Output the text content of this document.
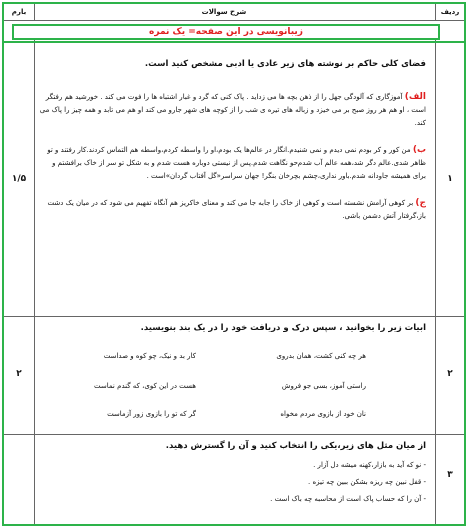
بارم	شرح سوالات	ردیف
زیبانویسی در این صفحه= یک نمره
۱
۱/۵
فضای کلی حاکم بر نوشته های زیر عادی یا ادبی مشخص کنید است.
الف) آموزگاری که آلودگی جهل را از ذهن بچه ها می زداید . پاک کنی که گرد و غبار اشتباه ها را فوت می کند . خورشید هم رفتگر است ، او هم هر روز صبح بر می خیزد و زباله های تیره ی شب را از کوچه های شهر جارو می کند او هم می تابد و همه چیز را پاک می کند.
ب) من کور و کر بودم نمی دیدم و نمی شنیدم.انگار در عالم‌ها یک بودم،او را واسطه کردم،واسطه هم التماس کردند.کار رفتند و تو ظاهر شدی.عالم دگر شد،همه عالم آب شدم‌حو نگاهت شدم.پس از نیستی دوباره هست شدم و به شکل تو سر از خاک برافشتم و برای همیشه جاودانه شدم.باور نداری،چشم بچرخان بنگر! جهان سراسر«گل آفتاب گردان»است .
ج) بر کوهی آرامش نشسته است و کوهی از خاک را جابه جا می کند و معنای خاکریز هم آنگاه تفهیم می شود که در میان یک دشت باز،گرفتار آتش دشمن باشی.
۲
۲
ابیات زیر را بخوانید ، سپس درک و دریافت خود را در یک بند بنویسید.
هر چه کنی کشت، همان بدروی
کار بد و نیک، چو کوه و صداست
راستی آموز، بسی جو فروش
هست در این کوی، که گندم نماست
نان خود از بازوی مردم مخواه
گر که تو را بازوی زور آزماست
۳
از میان مثل های زیر،یکی را انتخاب کنید و آن را گسترش دهید.
- نو که آید به بازار،کهنه میشه دل آزار .
- قفل نبین چه ریزه بشکن ببین چه تیزه .
- آن را که حساب پاک است از محاسبه چه باک است .
